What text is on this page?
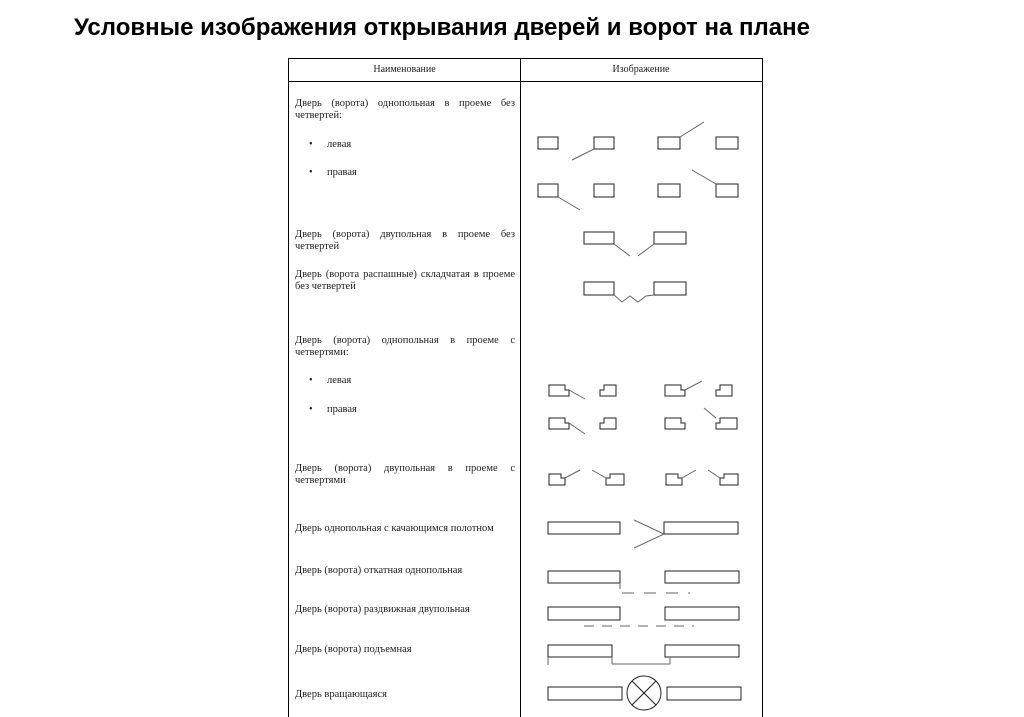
Условные изображения открывания дверей и ворот на плане
Наименование	Изображение
Дверь (ворота) однопольная в проеме без четвертей:
• левая
• правая
Дверь (ворота) двупольная в проеме без четвертей
Дверь (ворота распашные) складчатая в проеме без четвертей
Дверь (ворота) однопольная в проеме с четвертями:
• левая
• правая
Дверь (ворота) двупольная в проеме с четвертями
Дверь однопольная с качающимся полотном
Дверь (ворота) откатная однопольная
Дверь (ворота) раздвижная двупольная
Дверь (ворота) подъемная
Дверь вращающаяся
